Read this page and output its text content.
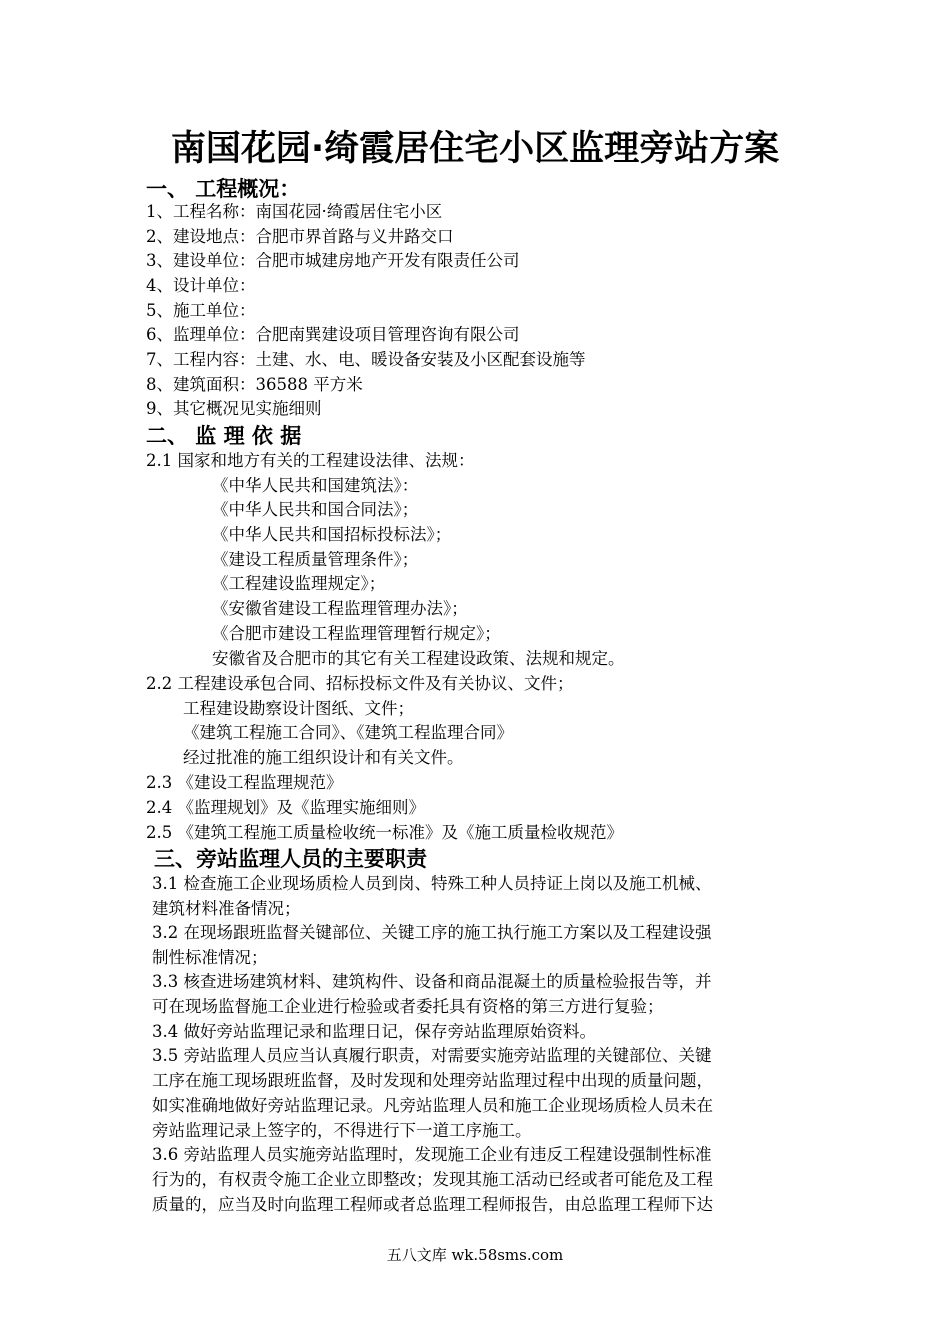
南国花园·绮霞居住宅小区监理旁站方案
一、 工程概况：
1、工程名称：南国花园·绮霞居住宅小区
2、建设地点：合肥市界首路与义井路交口
3、建设单位：合肥市城建房地产开发有限责任公司
4、设计单位：
5、施工单位：
6、监理单位：合肥南巽建设项目管理咨询有限公司
7、工程内容：土建、水、电、暖设备安装及小区配套设施等
8、建筑面积：36588 平方米
9、其它概况见实施细则
二、 监 理 依 据
2.1 国家和地方有关的工程建设法律、法规：
《中华人民共和国建筑法》：
《中华人民共和国合同法》；
《中华人民共和国招标投标法》；
《建设工程质量管理条件》；
《工程建设监理规定》；
《安徽省建设工程监理管理办法》；
《合肥市建设工程监理管理暂行规定》；
安徽省及合肥市的其它有关工程建设政策、法规和规定。
2.2 工程建设承包合同、招标投标文件及有关协议、文件；
工程建设勘察设计图纸、文件；
《建筑工程施工合同》、《建筑工程监理合同》
经过批准的施工组织设计和有关文件。
2.3 《建设工程监理规范》
2.4 《监理规划》及《监理实施细则》
2.5 《建筑工程施工质量检收统一标准》及《施工质量检收规范》
三、旁站监理人员的主要职责
3.1 检查施工企业现场质检人员到岗、特殊工种人员持证上岗以及施工机械、
建筑材料准备情况；
3.2 在现场跟班监督关键部位、关键工序的施工执行施工方案以及工程建设强
制性标准情况；
3.3 核查进场建筑材料、建筑构件、设备和商品混凝土的质量检验报告等，并
可在现场监督施工企业进行检验或者委托具有资格的第三方进行复验；
3.4 做好旁站监理记录和监理日记，保存旁站监理原始资料。
3.5 旁站监理人员应当认真履行职责，对需要实施旁站监理的关键部位、关键
工序在施工现场跟班监督，及时发现和处理旁站监理过程中出现的质量问题，
如实准确地做好旁站监理记录。凡旁站监理人员和施工企业现场质检人员未在
旁站监理记录上签字的，不得进行下一道工序施工。
3.6 旁站监理人员实施旁站监理时，发现施工企业有违反工程建设强制性标准
行为的，有权责令施工企业立即整改；发现其施工活动已经或者可能危及工程
质量的，应当及时向监理工程师或者总监理工程师报告，由总监理工程师下达
五八文库 wk.58sms.com
